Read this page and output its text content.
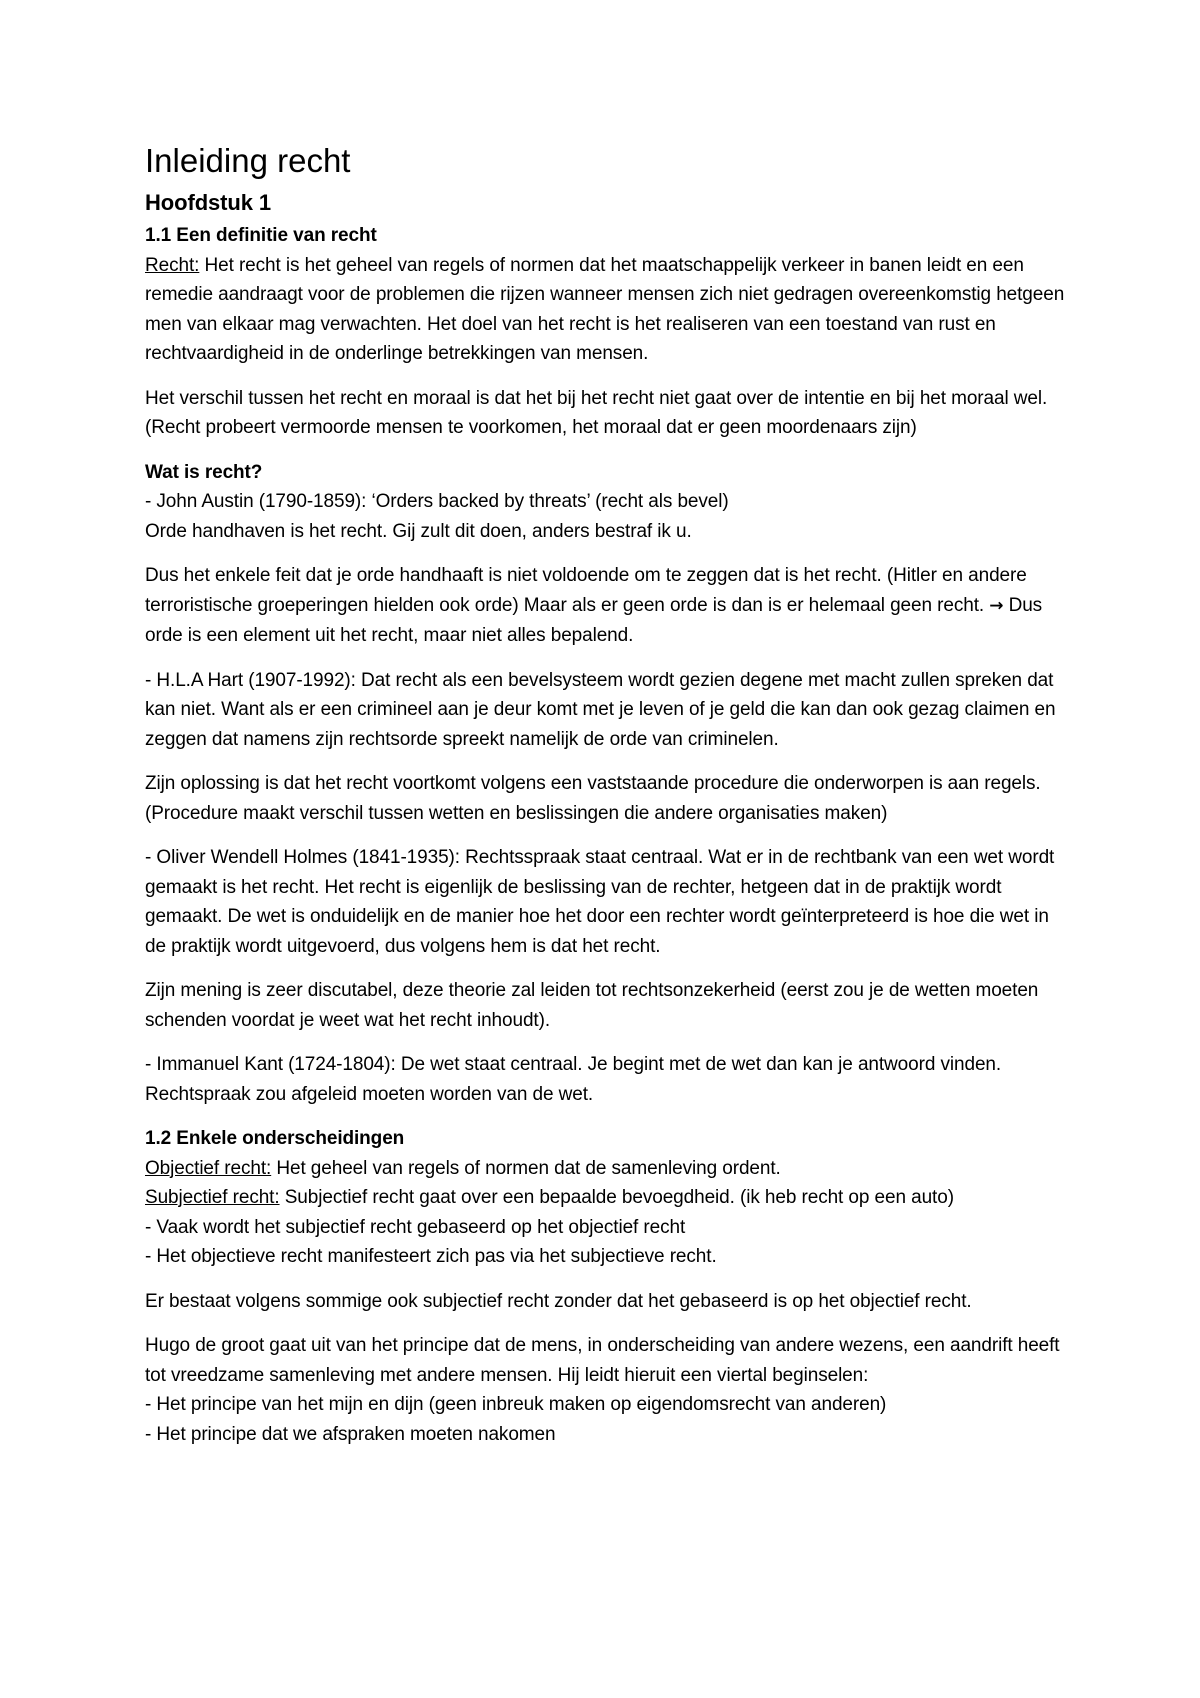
Inleiding recht
Hoofdstuk 1
1.1 Een definitie van recht

Recht: Het recht is het geheel van regels of normen dat het maatschappelijk verkeer in banen leidt en een remedie aandraagt voor de problemen die rijzen wanneer mensen zich niet gedragen overeenkomstig hetgeen men van elkaar mag verwachten. Het doel van het recht is het realiseren van een toestand van rust en rechtvaardigheid in de onderlinge betrekkingen van mensen.

Het verschil tussen het recht en moraal is dat het bij het recht niet gaat over de intentie en bij het moraal wel. (Recht probeert vermoorde mensen te voorkomen, het moraal dat er geen moordenaars zijn)

Wat is recht?

- John Austin (1790-1859): ‘Orders backed by threats’ (recht als bevel)
Orde handhaven is het recht. Gij zult dit doen, anders bestraf ik u.

Dus het enkele feit dat je orde handhaaft is niet voldoende om te zeggen dat is het recht. (Hitler en andere terroristische groeperingen hielden ook orde) Maar als er geen orde is dan is er helemaal geen recht. → Dus orde is een element uit het recht, maar niet alles bepalend.

- H.L.A Hart (1907-1992): Dat recht als een bevelsysteem wordt gezien degene met macht zullen spreken dat kan niet. Want als er een crimineel aan je deur komt met je leven of je geld die kan dan ook gezag claimen en zeggen dat namens zijn rechtsorde spreekt namelijk de orde van criminelen.

Zijn oplossing is dat het recht voortkomt volgens een vaststaande procedure die onderworpen is aan regels. (Procedure maakt verschil tussen wetten en beslissingen die andere organisaties maken)

- Oliver Wendell Holmes (1841-1935): Rechtsspraak staat centraal. Wat er in de rechtbank van een wet wordt gemaakt is het recht. Het recht is eigenlijk de beslissing van de rechter, hetgeen dat in de praktijk wordt gemaakt. De wet is onduidelijk en de manier hoe het door een rechter wordt geïnterpreteerd is hoe die wet in de praktijk wordt uitgevoerd, dus volgens hem is dat het recht.

Zijn mening is zeer discutabel, deze theorie zal leiden tot rechtsonzekerheid (eerst zou je de wetten moeten schenden voordat je weet wat het recht inhoudt).

- Immanuel Kant (1724-1804): De wet staat centraal. Je begint met de wet dan kan je antwoord vinden. Rechtspraak zou afgeleid moeten worden van de wet.

1.2 Enkele onderscheidingen

Objectief recht: Het geheel van regels of normen dat de samenleving ordent.
Subjectief recht: Subjectief recht gaat over een bepaalde bevoegdheid. (ik heb recht op een auto)
- Vaak wordt het subjectief recht gebaseerd op het objectief recht
- Het objectieve recht manifesteert zich pas via het subjectieve recht.

Er bestaat volgens sommige ook subjectief recht zonder dat het gebaseerd is op het objectief recht.

Hugo de groot gaat uit van het principe dat de mens, in onderscheiding van andere wezens, een aandrift heeft tot vreedzame samenleving met andere mensen. Hij leidt hieruit een viertal beginselen:

- Het principe van het mijn en dijn (geen inbreuk maken op eigendomsrecht van anderen)
- Het principe dat we afspraken moeten nakomen
